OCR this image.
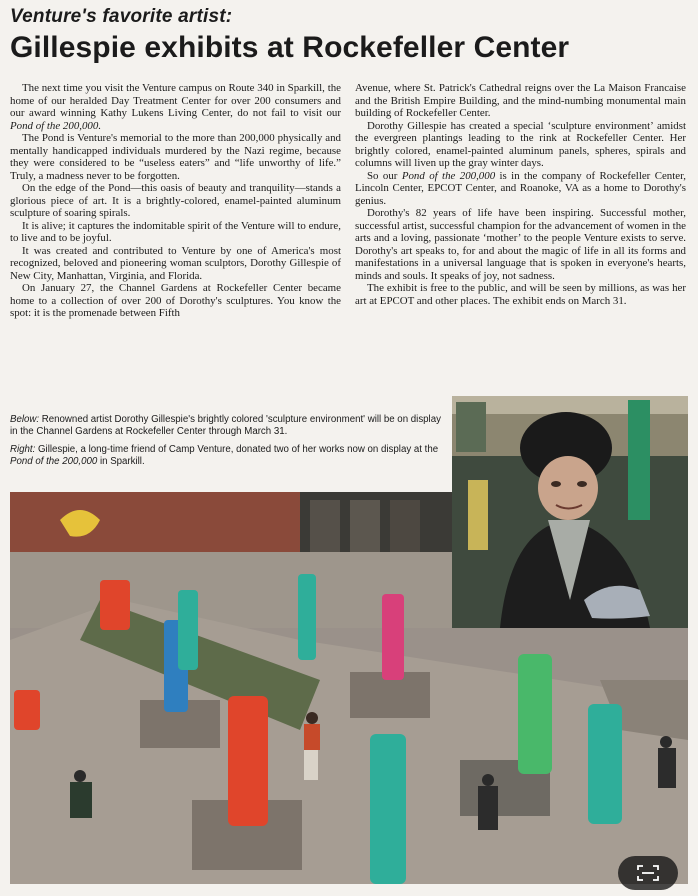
Venture's favorite artist:
Gillespie exhibits at Rockefeller Center

The next time you visit the Venture campus on Route 340 in Sparkill, the home of our heralded Day Treatment Center for over 200 consumers and our award winning Kathy Lukens Living Center, do not fail to visit our Pond of the 200,000.

The Pond is Venture's memorial to the more than 200,000 physically and mentally handicapped individuals murdered by the Nazi regime, because they were considered to be “useless eaters” and “life unworthy of life.” Truly, a madness never to be forgotten.

On the edge of the Pond—this oasis of beauty and tranquility—stands a glorious piece of art. It is a brightly-colored, enamel-painted aluminum sculpture of soaring spirals.

It is alive; it captures the indomitable spirit of the Venture will to endure, to live and to be joyful.

It was created and contributed to Venture by one of America's most recognized, beloved and pioneering woman sculptors, Dorothy Gillespie of New City, Manhattan, Virginia, and Florida.

On January 27, the Channel Gardens at Rockefeller Center became home to a collection of over 200 of Dorothy's sculptures. You know the spot: it is the promenade between Fifth

Avenue, where St. Patrick's Cathedral reigns over the La Maison Francaise and the British Empire Building, and the mind-numbing monumental main building of Rockefeller Center.

Dorothy Gillespie has created a special ‘sculpture environment’ amidst the evergreen plantings leading to the rink at Rockefeller Center. Her brightly colored, enamel-painted aluminum panels, spheres, spirals and columns will liven up the gray winter days.

So our Pond of the 200,000 is in the company of Rockefeller Center, Lincoln Center, EPCOT Center, and Roanoke, VA as a home to Dorothy's genius.

Dorothy's 82 years of life have been inspiring. Successful mother, successful artist, successful champion for the advancement of women in the arts and a loving, passionate ‘mother’ to the people Venture exists to serve. Dorothy's art speaks to, for and about the magic of life in all its forms and manifestations in a universal language that is spoken in everyone's hearts, minds and souls. It speaks of joy, not sadness.

The exhibit is free to the public, and will be seen by millions, as was her art at EPCOT and other places. The exhibit ends on March 31.

Below: Renowned artist Dorothy Gillespie's brightly colored 'sculpture environment' will be on display in the Channel Gardens at Rockefeller Center through March 31.

Right: Gillespie, a long-time friend of Camp Venture, donated two of her works now on display at the Pond of the 200,000 in Sparkill.
